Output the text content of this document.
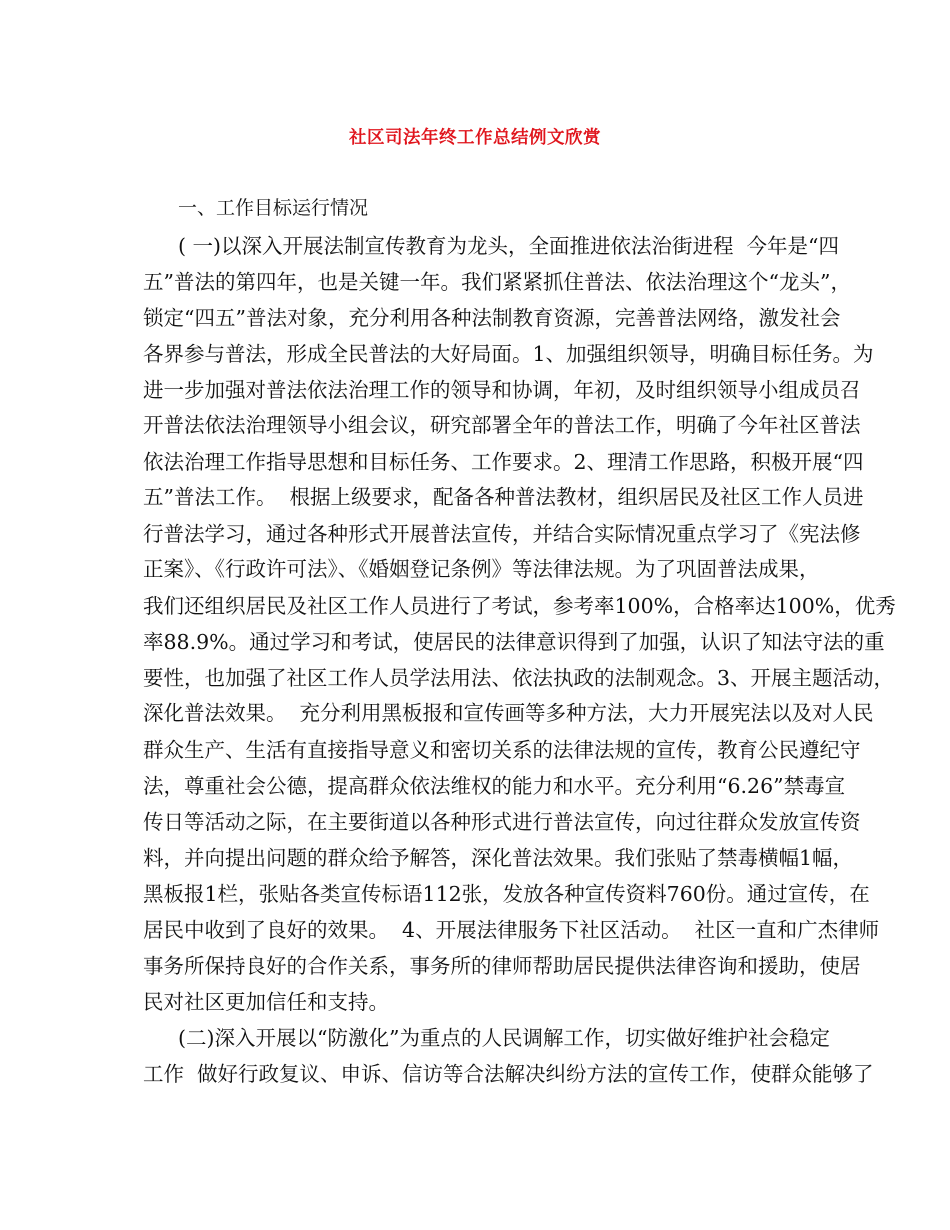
社区司法年终工作总结例文欣赏
一、工作目标运行情况
( 一)以深入开展法制宣传教育为龙头，全面推进依法治街进程  今年是“四
五”普法的第四年，也是关键一年。我们紧紧抓住普法、依法治理这个“龙头”，
锁定“四五”普法对象，充分利用各种法制教育资源，完善普法网络，激发社会
各界参与普法，形成全民普法的大好局面。1、加强组织领导，明确目标任务。为
进一步加强对普法依法治理工作的领导和协调，年初，及时组织领导小组成员召
开普法依法治理领导小组会议，研究部署全年的普法工作，明确了今年社区普法
依法治理工作指导思想和目标任务、工作要求。2、理清工作思路，积极开展“四
五”普法工作。  根据上级要求，配备各种普法教材，组织居民及社区工作人员进
行普法学习，通过各种形式开展普法宣传，并结合实际情况重点学习了《宪法修
正案》、《行政许可法》、《婚姻登记条例》等法律法规。为了巩固普法成果，
我们还组织居民及社区工作人员进行了考试，参考率100%，合格率达100%，优秀
率88.9%。通过学习和考试，使居民的法律意识得到了加强，认识了知法守法的重
要性，也加强了社区工作人员学法用法、依法执政的法制观念。3、开展主题活动，
深化普法效果。  充分利用黑板报和宣传画等多种方法，大力开展宪法以及对人民
群众生产、生活有直接指导意义和密切关系的法律法规的宣传，教育公民遵纪守
法，尊重社会公德，提高群众依法维权的能力和水平。充分利用“6.26”禁毒宣
传日等活动之际，在主要街道以各种形式进行普法宣传，向过往群众发放宣传资
料，并向提出问题的群众给予解答，深化普法效果。我们张贴了禁毒横幅1幅，
黑板报1栏，张贴各类宣传标语112张，发放各种宣传资料760份。通过宣传，在
居民中收到了良好的效果。  4、开展法律服务下社区活动。  社区一直和广杰律师
事务所保持良好的合作关系，事务所的律师帮助居民提供法律咨询和援助，使居
民对社区更加信任和支持。
(二)深入开展以“防激化”为重点的人民调解工作，切实做好维护社会稳定
工作  做好行政复议、申诉、信访等合法解决纠纷方法的宣传工作，使群众能够了
